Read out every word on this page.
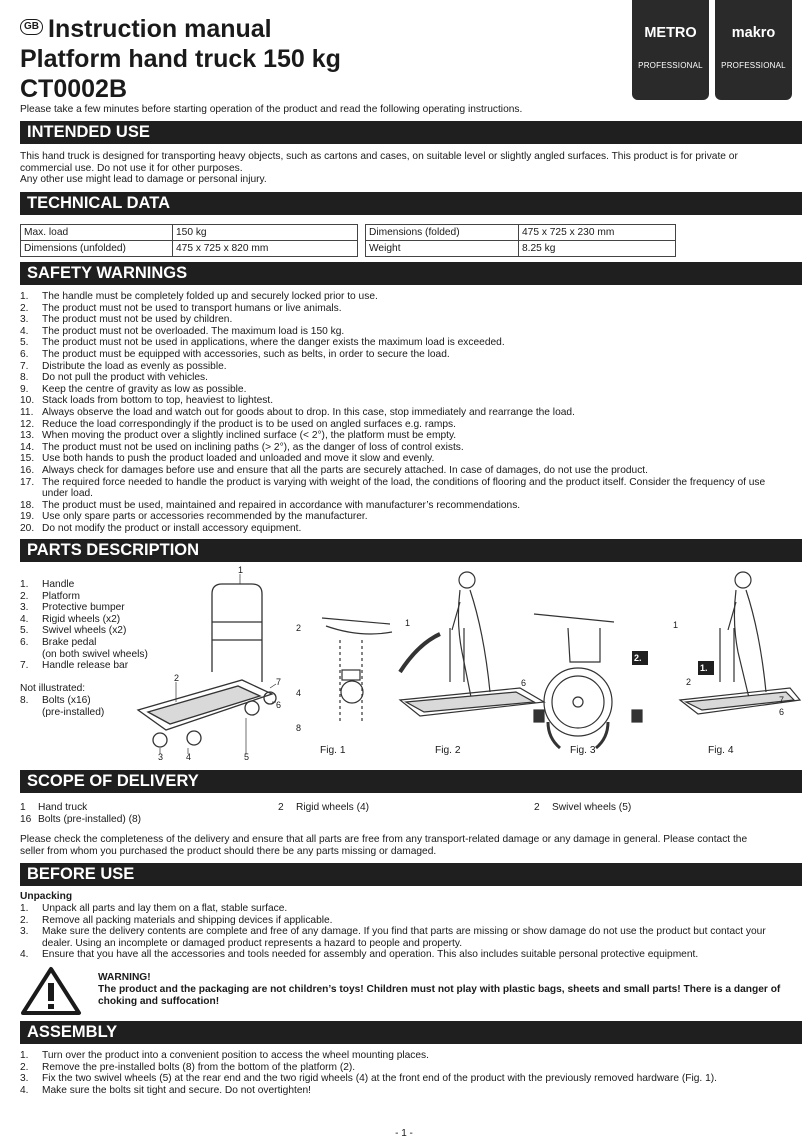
GB Instruction manual
Platform hand truck 150 kg
CT0002B
Please take a few minutes before starting operation of the product and read the following operating instructions.
METRO
PROFESSIONAL
makro
PROFESSIONAL
INTENDED USE
This hand truck is designed for transporting heavy objects, such as cartons and cases, on suitable level or slightly angled surfaces. This product is for private or
commercial use. Do not use it for other purposes.
Any other use might lead to damage or personal injury.
TECHNICAL DATA
Max. load	150 kg
Dimensions (unfolded)	475 x 725 x 820 mm
Dimensions (folded)	475 x 725 x 230 mm
Weight	8.25 kg
SAFETY WARNINGS
1.	The handle must be completely folded up and securely locked prior to use.
2.	The product must not be used to transport humans or live animals.
3.	The product must not be used by children.
4.	The product must not be overloaded. The maximum load is 150 kg.
5.	The product must not be used in applications, where the danger exists the maximum load is exceeded.
6.	The product must be equipped with accessories, such as belts, in order to secure the load.
7.	Distribute the load as evenly as possible.
8.	Do not pull the product with vehicles.
9.	Keep the centre of gravity as low as possible.
10. Stack loads from bottom to top, heaviest to lightest.
11. Always observe the load and watch out for goods about to drop. In this case, stop immediately and rearrange the load.
12. Reduce the load correspondingly if the product is to be used on angled surfaces e.g. ramps.
13. When moving the product over a slightly inclined surface (< 2°), the platform must be empty.
14. The product must not be used on inclining paths (> 2°), as the danger of loss of control exists.
15. Use both hands to push the product loaded and unloaded and move it slow and evenly.
16. Always check for damages before use and ensure that all the parts are securely attached. In case of damages, do not use the product.
17. The required force needed to handle the product is varying with weight of the load, the conditions of flooring and the product itself. Consider the frequency of use under load.
18. The product must be used, maintained and repaired in accordance with manufacturer’s recommendations.
19. Use only spare parts or accessories recommended by the manufacturer.
20. Do not modify the product or install accessory equipment.
PARTS DESCRIPTION
1.	Handle
2.	Platform
3.	Protective bumper
4.	Rigid wheels (x2)
5.	Swivel wheels (x2)
6.	Brake pedal
(on both swivel wheels)
7.	Handle release bar
Not illustrated:
8.	Bolts (x16)
(pre-installed)
1
2
3	4	5
6
7
2
4
8
1
6
1
2
7
6
2.
1.
Fig. 1	Fig. 2	Fig. 3	Fig. 4
SCOPE OF DELIVERY
1 Hand truck	2 Rigid wheels (4)	2 Swivel wheels (5)
16 Bolts (pre-installed) (8)
Please check the completeness of the delivery and ensure that all parts are free from any transport-related damage or any damage in general. Please contact the
seller from whom you purchased the product should there be any parts missing or damaged.
BEFORE USE
Unpacking
1.	Unpack all parts and lay them on a flat, stable surface.
2.	Remove all packing materials and shipping devices if applicable.
3.	Make sure the delivery contents are complete and free of any damage. If you find that parts are missing or show damage do not use the product but contact your dealer. Using an incomplete or damaged product represents a hazard to people and property.
4.	Ensure that you have all the accessories and tools needed for assembly and operation. This also includes suitable personal protective equipment.
WARNING!
The product and the packaging are not children’s toys! Children must not play with plastic bags, sheets and small parts! There is a danger of choking and suffocation!
ASSEMBLY
1.	Turn over the product into a convenient position to access the wheel mounting places.
2.	Remove the pre-installed bolts (8) from the bottom of the platform (2).
3.	Fix the two swivel wheels (5) at the rear end and the two rigid wheels (4) at the front end of the product with the previously removed hardware (Fig. 1).
4.	Make sure the bolts sit tight and secure. Do not overtighten!
- 1 -
